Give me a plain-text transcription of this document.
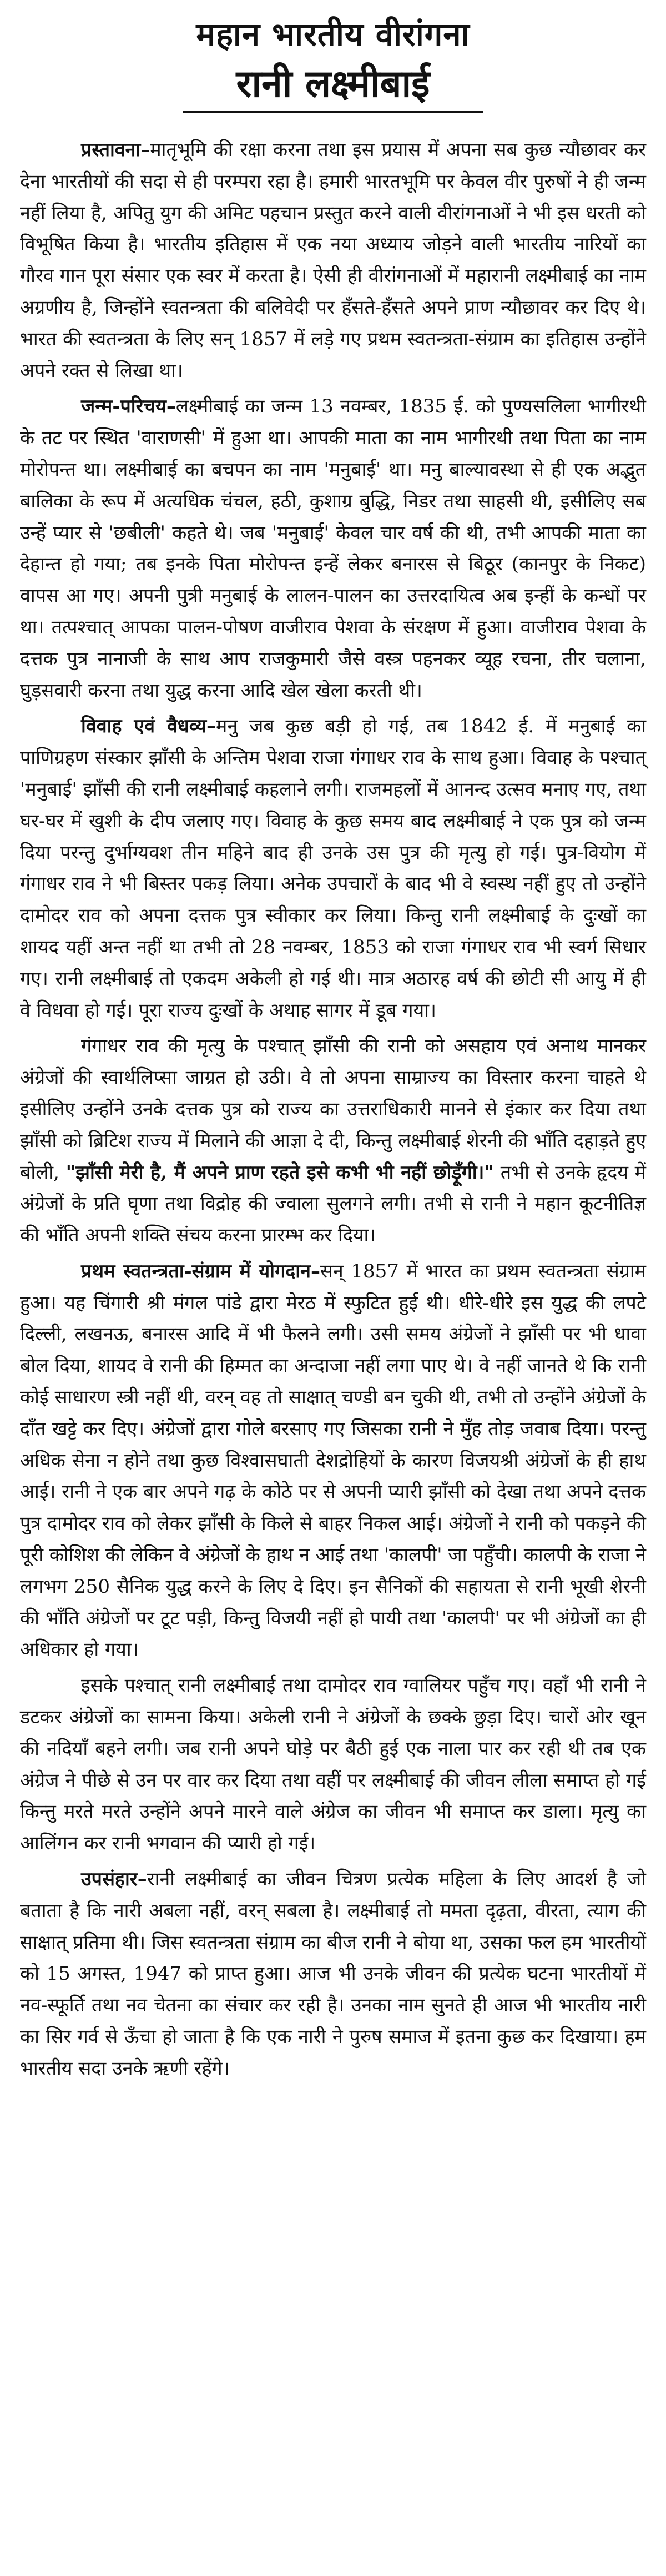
महान भारतीय वीरांगना
रानी लक्ष्मीबाई

प्रस्तावना–मातृभूमि की रक्षा करना तथा इस प्रयास में अपना सब कुछ न्यौछावर कर देना भारतीयों की सदा से ही परम्परा रहा है। हमारी भारतभूमि पर केवल वीर पुरुषों ने ही जन्म नहीं लिया है, अपितु युग की अमिट पहचान प्रस्तुत करने वाली वीरांगनाओं ने भी इस धरती को विभूषित किया है। भारतीय इतिहास में एक नया अध्याय जोड़ने वाली भारतीय नारियों का गौरव गान पूरा संसार एक स्वर में करता है। ऐसी ही वीरांगनाओं में महारानी लक्ष्मीबाई का नाम अग्रणीय है, जिन्होंने स्वतन्त्रता की बलिवेदी पर हँसते-हँसते अपने प्राण न्यौछावर कर दिए थे। भारत की स्वतन्त्रता के लिए सन् 1857 में लड़े गए प्रथम स्वतन्त्रता-संग्राम का इतिहास उन्होंने अपने रक्त से लिखा था।

जन्म-परिचय–लक्ष्मीबाई का जन्म 13 नवम्बर, 1835 ई. को पुण्यसलिला भागीरथी के तट पर स्थित 'वाराणसी' में हुआ था। आपकी माता का नाम भागीरथी तथा पिता का नाम मोरोपन्त था। लक्ष्मीबाई का बचपन का नाम 'मनुबाई' था। मनु बाल्यावस्था से ही एक अद्भुत बालिका के रूप में अत्यधिक चंचल, हठी, कुशाग्र बुद्धि, निडर तथा साहसी थी, इसीलिए सब उन्हें प्यार से 'छबीली' कहते थे। जब 'मनुबाई' केवल चार वर्ष की थी, तभी आपकी माता का देहान्त हो गया; तब इनके पिता मोरोपन्त इन्हें लेकर बनारस से बिठूर (कानपुर के निकट) वापस आ गए। अपनी पुत्री मनुबाई के लालन-पालन का उत्तरदायित्व अब इन्हीं के कन्धों पर था। तत्पश्चात् आपका पालन-पोषण वाजीराव पेशवा के संरक्षण में हुआ। वाजीराव पेशवा के दत्तक पुत्र नानाजी के साथ आप राजकुमारी जैसे वस्त्र पहनकर व्यूह रचना, तीर चलाना, घुड़सवारी करना तथा युद्ध करना आदि खेल खेला करती थी।

विवाह एवं वैधव्य–मनु जब कुछ बड़ी हो गई, तब 1842 ई. में मनुबाई का पाणिग्रहण संस्कार झाँसी के अन्तिम पेशवा राजा गंगाधर राव के साथ हुआ। विवाह के पश्चात् 'मनुबाई' झाँसी की रानी लक्ष्मीबाई कहलाने लगी। राजमहलों में आनन्द उत्सव मनाए गए, तथा घर-घर में खुशी के दीप जलाए गए। विवाह के कुछ समय बाद लक्ष्मीबाई ने एक पुत्र को जन्म दिया परन्तु दुर्भाग्यवश तीन महिने बाद ही उनके उस पुत्र की मृत्यु हो गई। पुत्र-वियोग में गंगाधर राव ने भी बिस्तर पकड़ लिया। अनेक उपचारों के बाद भी वे स्वस्थ नहीं हुए तो उन्होंने दामोदर राव को अपना दत्तक पुत्र स्वीकार कर लिया। किन्तु रानी लक्ष्मीबाई के दुःखों का शायद यहीं अन्त नहीं था तभी तो 28 नवम्बर, 1853 को राजा गंगाधर राव भी स्वर्ग सिधार गए। रानी लक्ष्मीबाई तो एकदम अकेली हो गई थी। मात्र अठारह वर्ष की छोटी सी आयु में ही वे विधवा हो गई। पूरा राज्य दुःखों के अथाह सागर में डूब गया।

गंगाधर राव की मृत्यु के पश्चात् झाँसी की रानी को असहाय एवं अनाथ मानकर अंग्रेजों की स्वार्थलिप्सा जाग्रत हो उठी। वे तो अपना साम्राज्य का विस्तार करना चाहते थे इसीलिए उन्होंने उनके दत्तक पुत्र को राज्य का उत्तराधिकारी मानने से इंकार कर दिया तथा झाँसी को ब्रिटिश राज्य में मिलाने की आज्ञा दे दी, किन्तु लक्ष्मीबाई शेरनी की भाँति दहाड़ते हुए बोली, "झाँसी मेरी है, मैं अपने प्राण रहते इसे कभी भी नहीं छोड़ूँगी।" तभी से उनके हृदय में अंग्रेजों के प्रति घृणा तथा विद्रोह की ज्वाला सुलगने लगी। तभी से रानी ने महान कूटनीतिज्ञ की भाँति अपनी शक्ति संचय करना प्रारम्भ कर दिया।

प्रथम स्वतन्त्रता-संग्राम में योगदान–सन् 1857 में भारत का प्रथम स्वतन्त्रता संग्राम हुआ। यह चिंगारी श्री मंगल पांडे द्वारा मेरठ में स्फुटित हुई थी। धीरे-धीरे इस युद्ध की लपटे दिल्ली, लखनऊ, बनारस आदि में भी फैलने लगी। उसी समय अंग्रेजों ने झाँसी पर भी धावा बोल दिया, शायद वे रानी की हिम्मत का अन्दाजा नहीं लगा पाए थे। वे नहीं जानते थे कि रानी कोई साधारण स्त्री नहीं थी, वरन् वह तो साक्षात् चण्डी बन चुकी थी, तभी तो उन्होंने अंग्रेजों के दाँत खट्टे कर दिए। अंग्रेजों द्वारा गोले बरसाए गए जिसका रानी ने मुँह तोड़ जवाब दिया। परन्तु अधिक सेना न होने तथा कुछ विश्वासघाती देशद्रोहियों के कारण विजयश्री अंग्रेजों के ही हाथ आई। रानी ने एक बार अपने गढ़ के कोठे पर से अपनी प्यारी झाँसी को देखा तथा अपने दत्तक पुत्र दामोदर राव को लेकर झाँसी के किले से बाहर निकल आई। अंग्रेजों ने रानी को पकड़ने की पूरी कोशिश की लेकिन वे अंग्रेजों के हाथ न आई तथा 'कालपी' जा पहुँची। कालपी के राजा ने लगभग 250 सैनिक युद्ध करने के लिए दे दिए। इन सैनिकों की सहायता से रानी भूखी शेरनी की भाँति अंग्रेजों पर टूट पड़ी, किन्तु विजयी नहीं हो पायी तथा 'कालपी' पर भी अंग्रेजों का ही अधिकार हो गया।

इसके पश्चात् रानी लक्ष्मीबाई तथा दामोदर राव ग्वालियर पहुँच गए। वहाँ भी रानी ने डटकर अंग्रेजों का सामना किया। अकेली रानी ने अंग्रेजों के छक्के छुड़ा दिए। चारों ओर खून की नदियाँ बहने लगी। जब रानी अपने घोड़े पर बैठी हुई एक नाला पार कर रही थी तब एक अंग्रेज ने पीछे से उन पर वार कर दिया तथा वहीं पर लक्ष्मीबाई की जीवन लीला समाप्त हो गई किन्तु मरते मरते उन्होंने अपने मारने वाले अंग्रेज का जीवन भी समाप्त कर डाला। मृत्यु का आलिंगन कर रानी भगवान की प्यारी हो गई।

उपसंहार–रानी लक्ष्मीबाई का जीवन चित्रण प्रत्येक महिला के लिए आदर्श है जो बताता है कि नारी अबला नहीं, वरन् सबला है। लक्ष्मीबाई तो ममता दृढ़ता, वीरता, त्याग की साक्षात् प्रतिमा थी। जिस स्वतन्त्रता संग्राम का बीज रानी ने बोया था, उसका फल हम भारतीयों को 15 अगस्त, 1947 को प्राप्त हुआ। आज भी उनके जीवन की प्रत्येक घटना भारतीयों में नव-स्फूर्ति तथा नव चेतना का संचार कर रही है। उनका नाम सुनते ही आज भी भारतीय नारी का सिर गर्व से ऊँचा हो जाता है कि एक नारी ने पुरुष समाज में इतना कुछ कर दिखाया। हम भारतीय सदा उनके ऋणी रहेंगे।
